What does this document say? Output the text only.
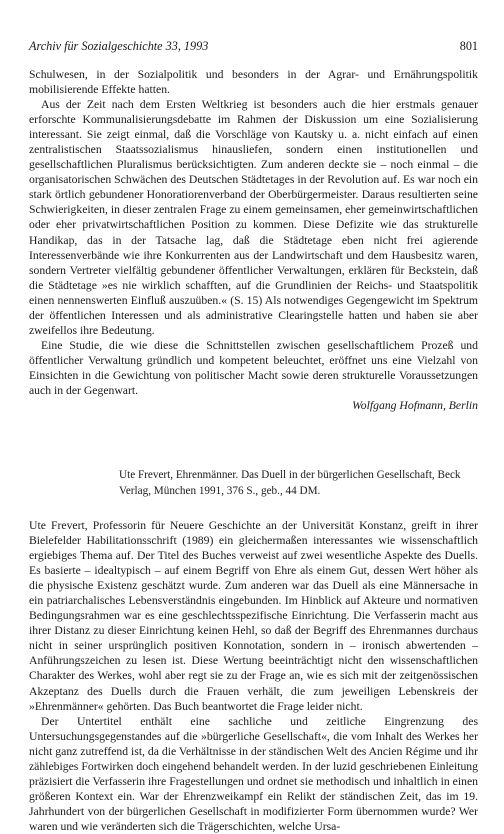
Archiv für Sozialgeschichte 33, 1993	801

Schulwesen, in der Sozialpolitik und besonders in der Agrar- und Ernährungspolitik mobilisierende Effekte hatten.

Aus der Zeit nach dem Ersten Weltkrieg ist besonders auch die hier erstmals genauer erforschte Kommunalisierungsdebatte im Rahmen der Diskussion um eine Sozialisierung interessant. Sie zeigt einmal, daß die Vorschläge von Kautsky u. a. nicht einfach auf einen zentralistischen Staatssozialismus hinausliefen, sondern einen institutionellen und gesellschaftlichen Pluralismus berücksichtigten. Zum anderen deckte sie – noch einmal – die organisatorischen Schwächen des Deutschen Städtetages in der Revolution auf. Es war noch ein stark örtlich gebundener Honoratiorenverband der Oberbürgermeister. Daraus resultierten seine Schwierigkeiten, in dieser zentralen Frage zu einem gemeinsamen, eher gemeinwirtschaftlichen oder eher privatwirtschaftlichen Position zu kommen. Diese Defizite wie das strukturelle Handikap, das in der Tatsache lag, daß die Städtetage eben nicht frei agierende Interessenverbände wie ihre Konkurrenten aus der Landwirtschaft und dem Hausbesitz waren, sondern Vertreter vielfältig gebundener öffentlicher Verwaltungen, erklären für Beckstein, daß die Städtetage »es nie wirklich schafften, auf die Grundlinien der Reichs- und Staatspolitik einen nennenswerten Einfluß auszuüben.« (S. 15) Als notwendiges Gegengewicht im Spektrum der öffentlichen Interessen und als administrative Clearingstelle hatten und haben sie aber zweifellos ihre Bedeutung.

Eine Studie, die wie diese die Schnittstellen zwischen gesellschaftlichem Prozeß und öffentlicher Verwaltung gründlich und kompetent beleuchtet, eröffnet uns eine Vielzahl von Einsichten in die Gewichtung von politischer Macht sowie deren strukturelle Voraussetzungen auch in der Gegenwart.
Wolfgang Hofmann, Berlin

Ute Frevert, Ehrenmänner. Das Duell in der bürgerlichen Gesellschaft, Beck Verlag, München 1991, 376 S., geb., 44 DM.

Ute Frevert, Professorin für Neuere Geschichte an der Universität Konstanz, greift in ihrer Bielefelder Habilitationsschrift (1989) ein gleichermaßen interessantes wie wissenschaftlich ergiebiges Thema auf. Der Titel des Buches verweist auf zwei wesentliche Aspekte des Duells. Es basierte – idealtypisch – auf einem Begriff von Ehre als einem Gut, dessen Wert höher als die physische Existenz geschätzt wurde. Zum anderen war das Duell als eine Männersache in ein patriarchalisches Lebensverständnis eingebunden. Im Hinblick auf Akteure und normativen Bedingungsrahmen war es eine geschlechtsspezifische Einrichtung. Die Verfasserin macht aus ihrer Distanz zu dieser Einrichtung keinen Hehl, so daß der Begriff des Ehrenmannes durchaus nicht in seiner ursprünglich positiven Konnotation, sondern in – ironisch abwertenden – Anführungszeichen zu lesen ist. Diese Wertung beeinträchtigt nicht den wissenschaftlichen Charakter des Werkes, wohl aber regt sie zu der Frage an, wie es sich mit der zeitgenössischen Akzeptanz des Duells durch die Frauen verhält, die zum jeweiligen Lebenskreis der »Ehrenmänner« gehörten. Das Buch beantwortet die Frage leider nicht.

Der Untertitel enthält eine sachliche und zeitliche Eingrenzung des Untersuchungsgegenstandes auf die »bürgerliche Gesellschaft«, die vom Inhalt des Werkes her nicht ganz zutreffend ist, da die Verhältnisse in der ständischen Welt des Ancien Régime und ihr zählebiges Fortwirken doch eingehend behandelt werden. In der luzid geschriebenen Einleitung präzisiert die Verfasserin ihre Fragestellungen und ordnet sie methodisch und inhaltlich in einen größeren Kontext ein. War der Ehrenzweikampf ein Relikt der ständischen Zeit, das im 19. Jahrhundert von der bürgerlichen Gesellschaft in modifizierter Form übernommen wurde? Wer waren und wie veränderten sich die Trägerschichten, welche Ursa-
